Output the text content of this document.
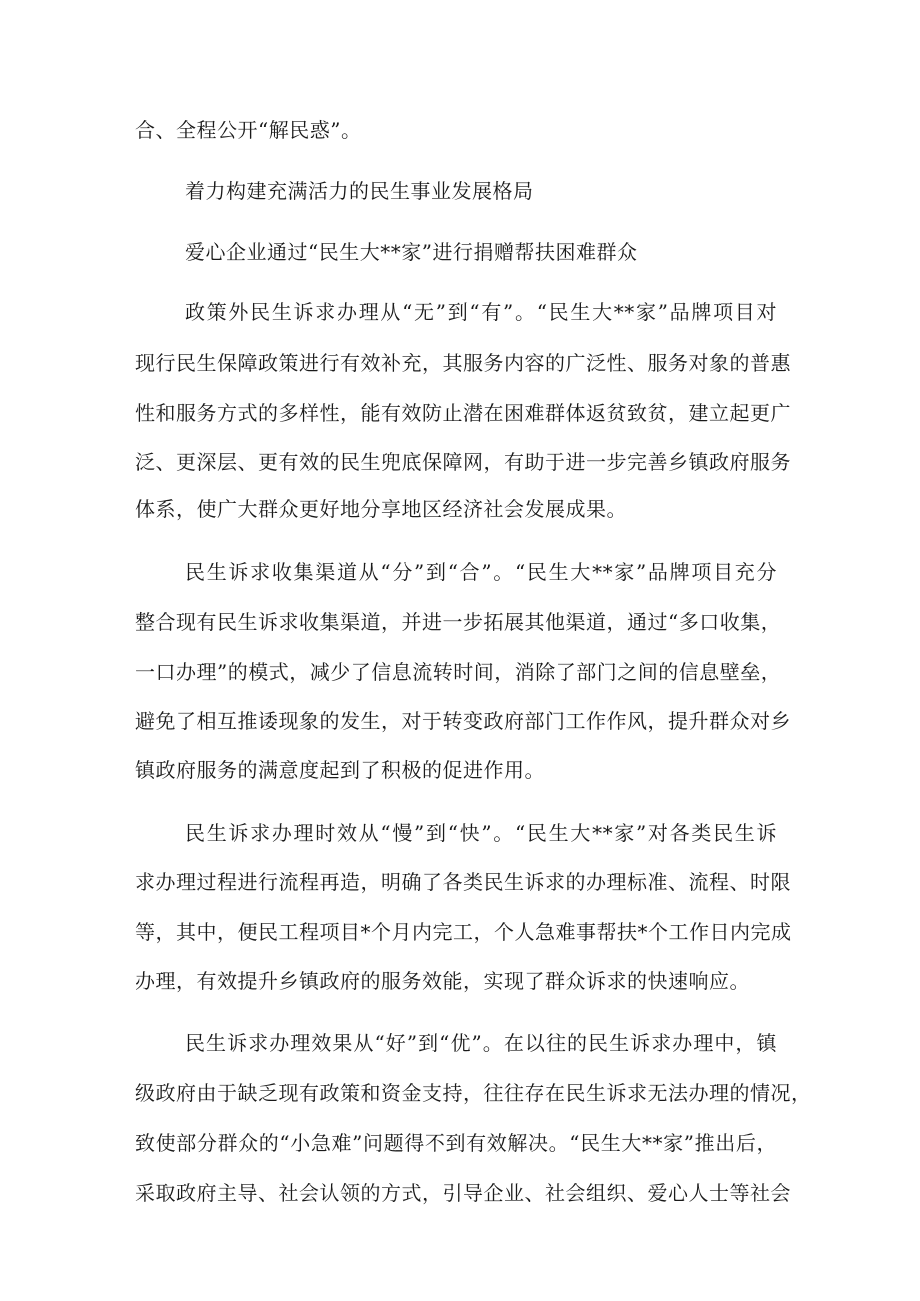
合、全程公开“解民惑”。
着力构建充满活力的民生事业发展格局
爱心企业通过“民生大**家”进行捐赠帮扶困难群众
政策外民生诉求办理从“无”到“有”。“民生大**家”品牌项目对
现行民生保障政策进行有效补充，其服务内容的广泛性、服务对象的普惠
性和服务方式的多样性，能有效防止潜在困难群体返贫致贫，建立起更广
泛、更深层、更有效的民生兜底保障网，有助于进一步完善乡镇政府服务
体系，使广大群众更好地分享地区经济社会发展成果。
民生诉求收集渠道从“分”到“合”。“民生大**家”品牌项目充分
整合现有民生诉求收集渠道，并进一步拓展其他渠道，通过“多口收集，
一口办理”的模式，减少了信息流转时间，消除了部门之间的信息壁垒，
避免了相互推诿现象的发生，对于转变政府部门工作作风，提升群众对乡
镇政府服务的满意度起到了积极的促进作用。
民生诉求办理时效从“慢”到“快”。“民生大**家”对各类民生诉
求办理过程进行流程再造，明确了各类民生诉求的办理标准、流程、时限
等，其中，便民工程项目*个月内完工，个人急难事帮扶*个工作日内完成
办理，有效提升乡镇政府的服务效能，实现了群众诉求的快速响应。
民生诉求办理效果从“好”到“优”。在以往的民生诉求办理中，镇
级政府由于缺乏现有政策和资金支持，往往存在民生诉求无法办理的情况，
致使部分群众的“小急难”问题得不到有效解决。“民生大**家”推出后，
采取政府主导、社会认领的方式，引导企业、社会组织、爱心人士等社会
